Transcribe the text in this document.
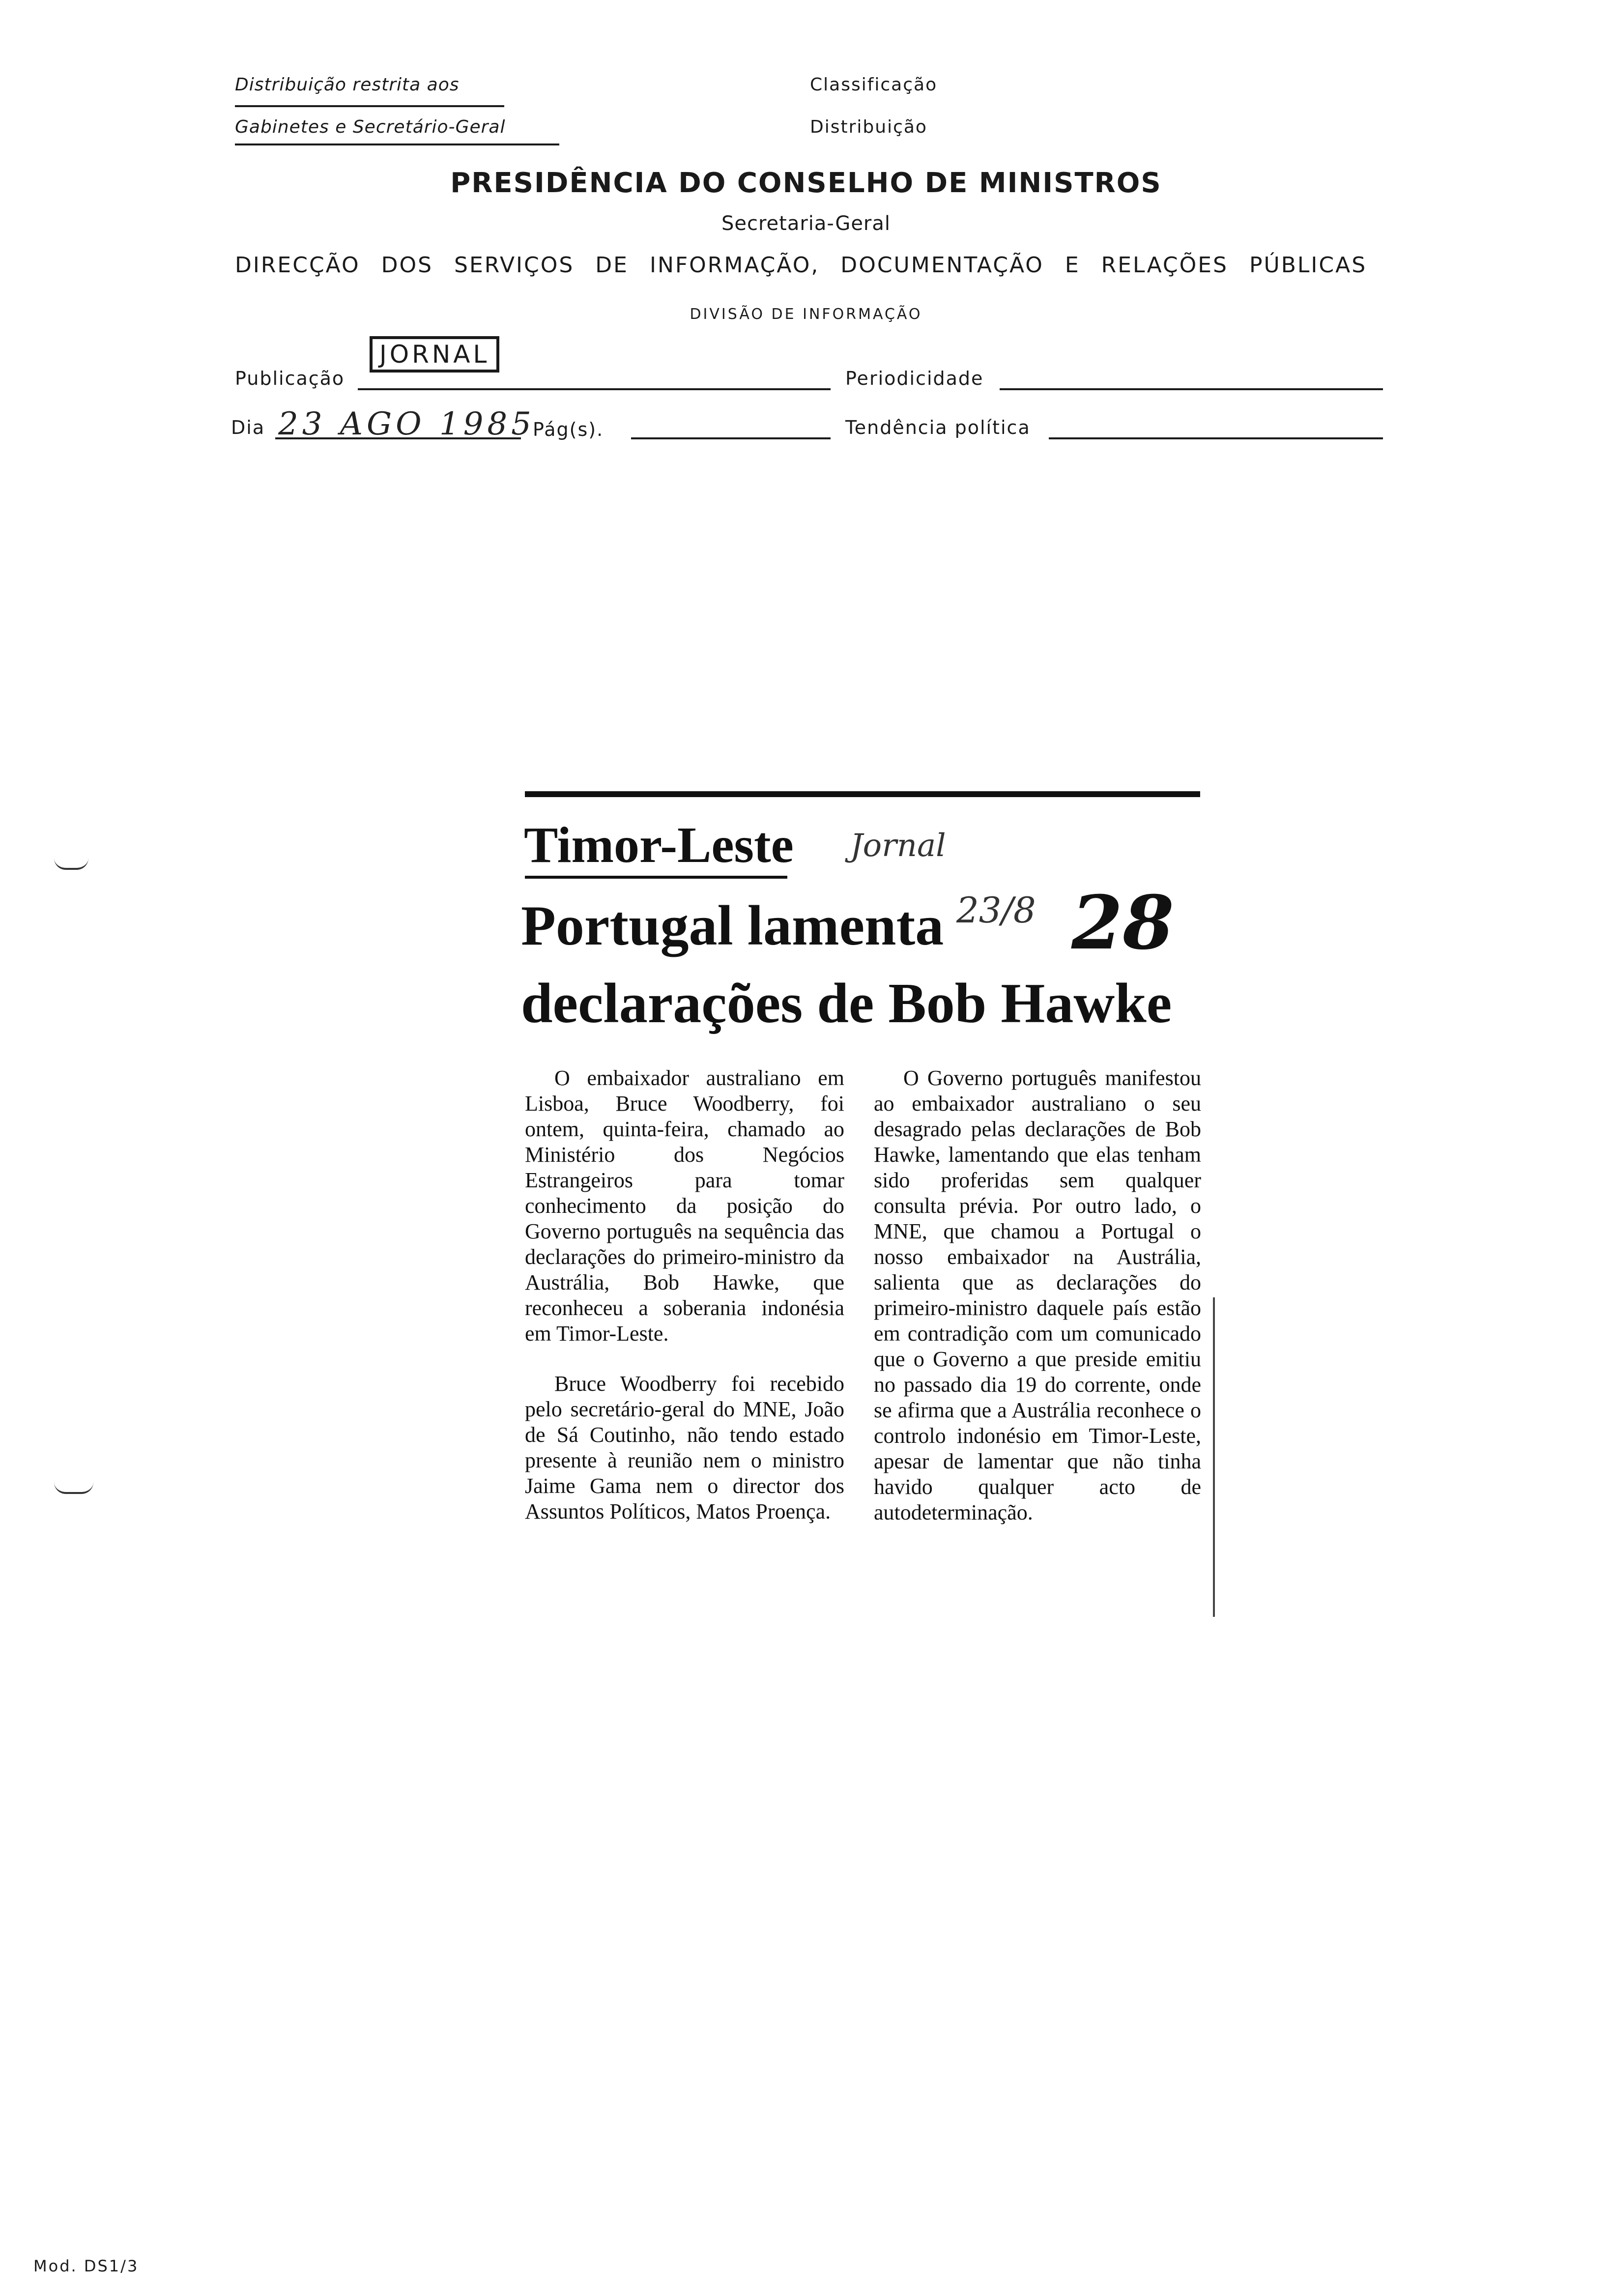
Distribuição restrita aos
Gabinetes e Secretário-Geral
Classificação
Distribuição
PRESIDÊNCIA DO CONSELHO DE MINISTROS
Secretaria-Geral
DIRECÇÃO DOS SERVIÇOS DE INFORMAÇÃO, DOCUMENTAÇÃO E RELAÇÕES PÚBLICAS
DIVISÃO DE INFORMAÇÃO
Publicação
JORNAL
Periodicidade
Dia 23 AGO 1985
Pág(s).	Tendência política
Timor-Leste Jornal
Portugal lamenta 23/8 28
declarações de Bob Hawke

O embaixador australiano em Lisboa, Bruce Woodberry, foi ontem, quinta-feira, chamado ao Ministério dos Negócios Estrangeiros para tomar conhecimento da posição do Governo português na sequência das declarações do primeiro-ministro da Austrália, Bob Hawke, que reconheceu a soberania indonésia em Timor-Leste.

Bruce Woodberry foi recebido pelo secretário-geral do MNE, João de Sá Coutinho, não tendo estado presente à reunião nem o ministro Jaime Gama nem o director dos Assuntos Políticos, Matos Proença.

O Governo português manifestou ao embaixador australiano o seu desagrado pelas declarações de Bob Hawke, lamentando que elas tenham sido proferidas sem qualquer consulta prévia. Por outro lado, o MNE, que chamou a Portugal o nosso embaixador na Austrália, salienta que as declarações do primeiro-ministro daquele país estão em contradição com um comunicado que o Governo a que preside emitiu no passado dia 19 do corrente, onde se afirma que a Austrália reconhece o controlo indonésio em Timor-Leste, apesar de lamentar que não tinha havido qualquer acto de autodeterminação.

Mod. DS1/3
